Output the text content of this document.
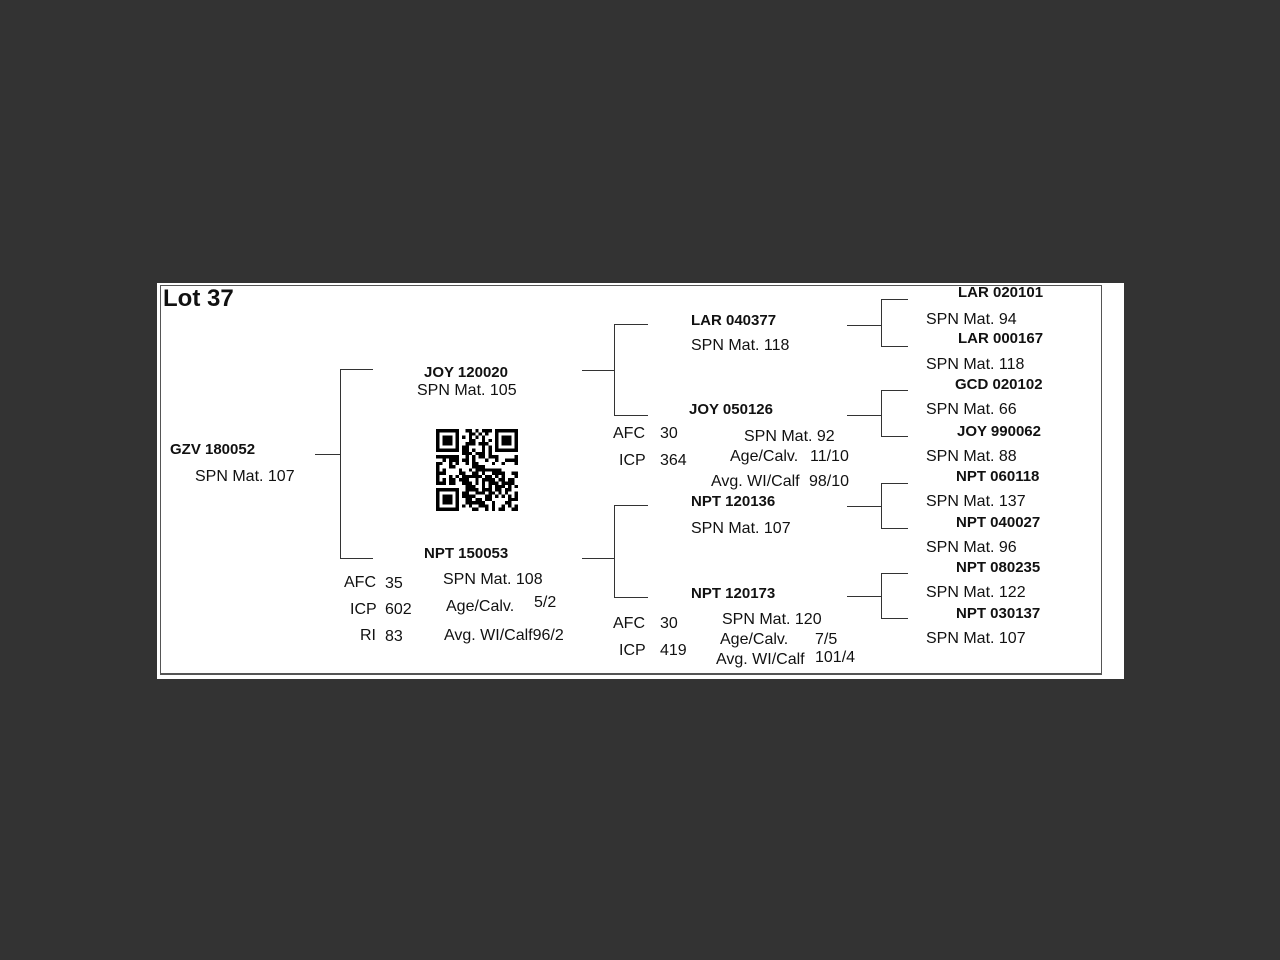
Lot 37
GZV 180052
SPN Mat. 107
JOY 120020
SPN Mat. 105
NPT 150053
AFC 35
ICP 602
RI 83
SPN Mat. 108
Age/Calv. 5/2
Avg. WI/Calf96/2
LAR 040377
SPN Mat. 118
JOY 050126
AFC 30
ICP 364
SPN Mat. 92
Age/Calv. 11/10
Avg. WI/Calf 98/10
NPT 120136
SPN Mat. 107
NPT 120173
AFC 30
ICP 419
SPN Mat. 120
Age/Calv. 7/5
Avg. WI/Calf 101/4
LAR 020101
SPN Mat. 94
LAR 000167
SPN Mat. 118
GCD 020102
SPN Mat. 66
JOY 990062
SPN Mat. 88
NPT 060118
SPN Mat. 137
NPT 040027
SPN Mat. 96
NPT 080235
SPN Mat. 122
NPT 030137
SPN Mat. 107
